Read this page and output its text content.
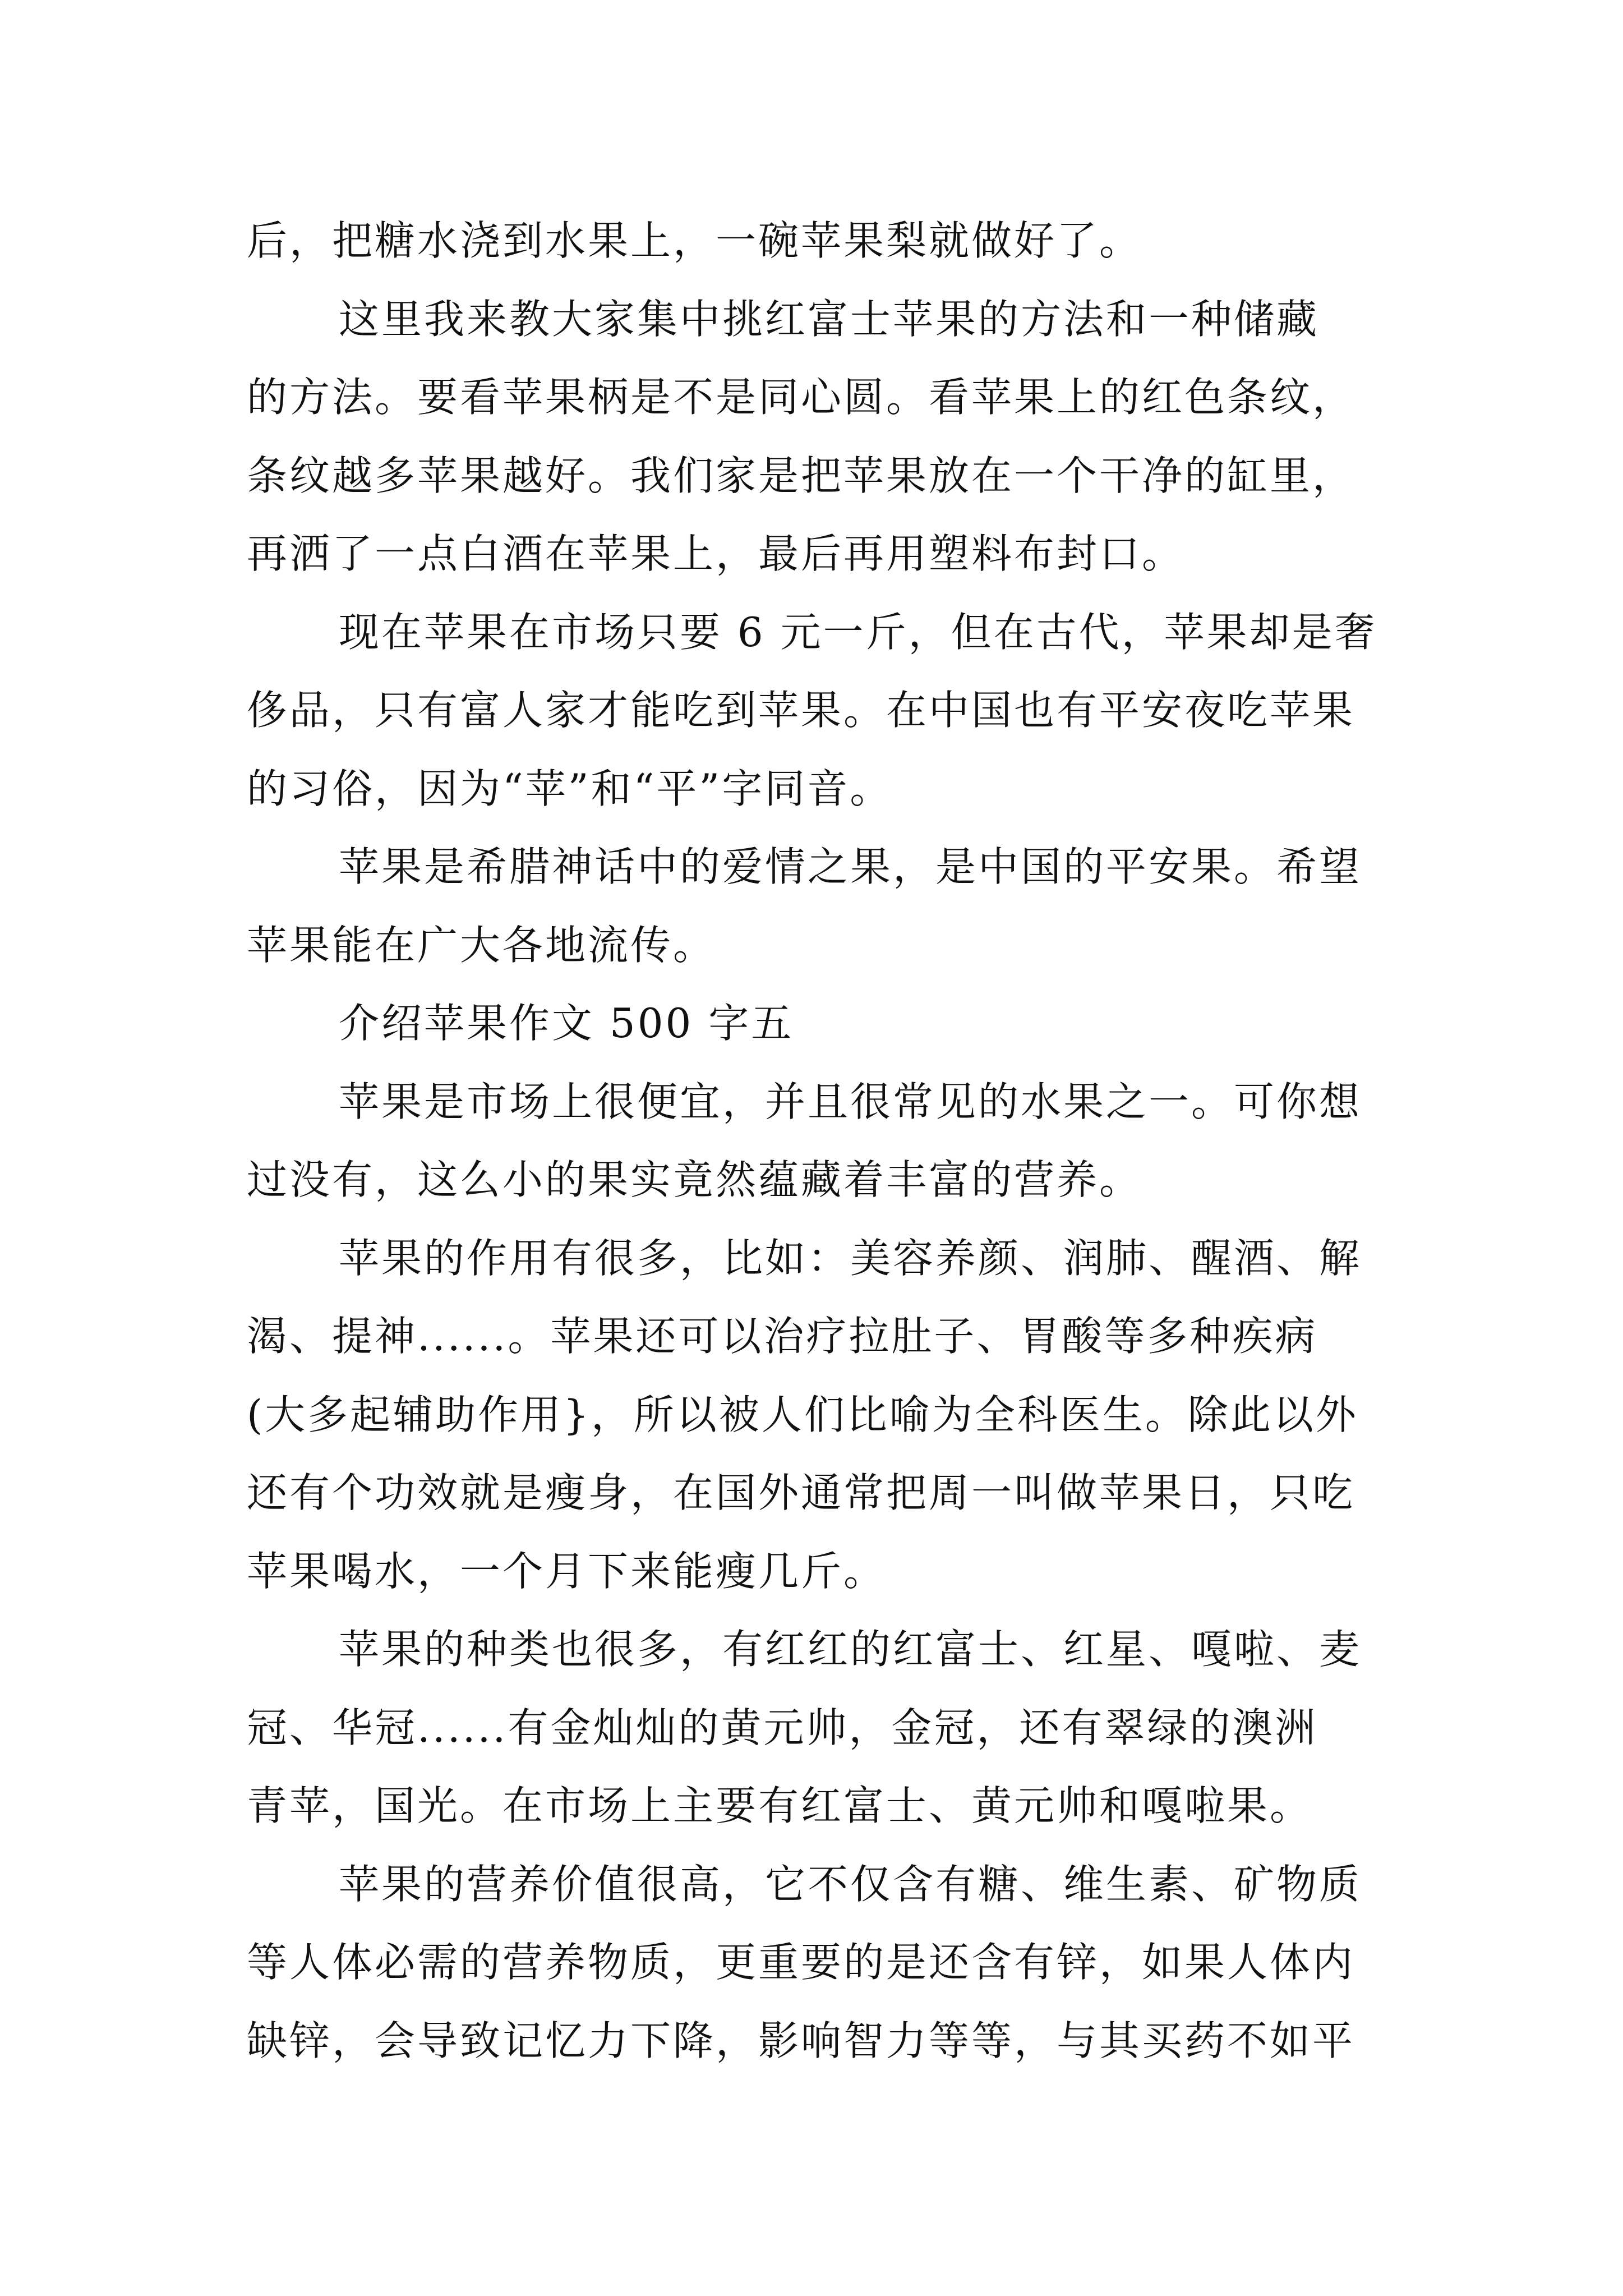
后，把糖水浇到水果上，一碗苹果梨就做好了。
这里我来教大家集中挑红富士苹果的方法和一种储藏
的方法。要看苹果柄是不是同心圆。看苹果上的红色条纹，
条纹越多苹果越好。我们家是把苹果放在一个干净的缸里，
再洒了一点白酒在苹果上，最后再用塑料布封口。
现在苹果在市场只要 6 元一斤，但在古代，苹果却是奢
侈品，只有富人家才能吃到苹果。在中国也有平安夜吃苹果
的习俗，因为“苹”和“平”字同音。
苹果是希腊神话中的爱情之果，是中国的平安果。希望
苹果能在广大各地流传。
介绍苹果作文 500 字五
苹果是市场上很便宜，并且很常见的水果之一。可你想
过没有，这么小的果实竟然蕴藏着丰富的营养。
苹果的作用有很多，比如：美容养颜、润肺、醒酒、解
渴、提神......。苹果还可以治疗拉肚子、胃酸等多种疾病
(大多起辅助作用}，所以被人们比喻为全科医生。除此以外
还有个功效就是瘦身，在国外通常把周一叫做苹果日，只吃
苹果喝水，一个月下来能瘦几斤。
苹果的种类也很多，有红红的红富士、红星、嘎啦、麦
冠、华冠......有金灿灿的黄元帅，金冠，还有翠绿的澳洲
青苹，国光。在市场上主要有红富士、黄元帅和嘎啦果。
苹果的营养价值很高，它不仅含有糖、维生素、矿物质
等人体必需的营养物质，更重要的是还含有锌，如果人体内
缺锌，会导致记忆力下降，影响智力等等，与其买药不如平
